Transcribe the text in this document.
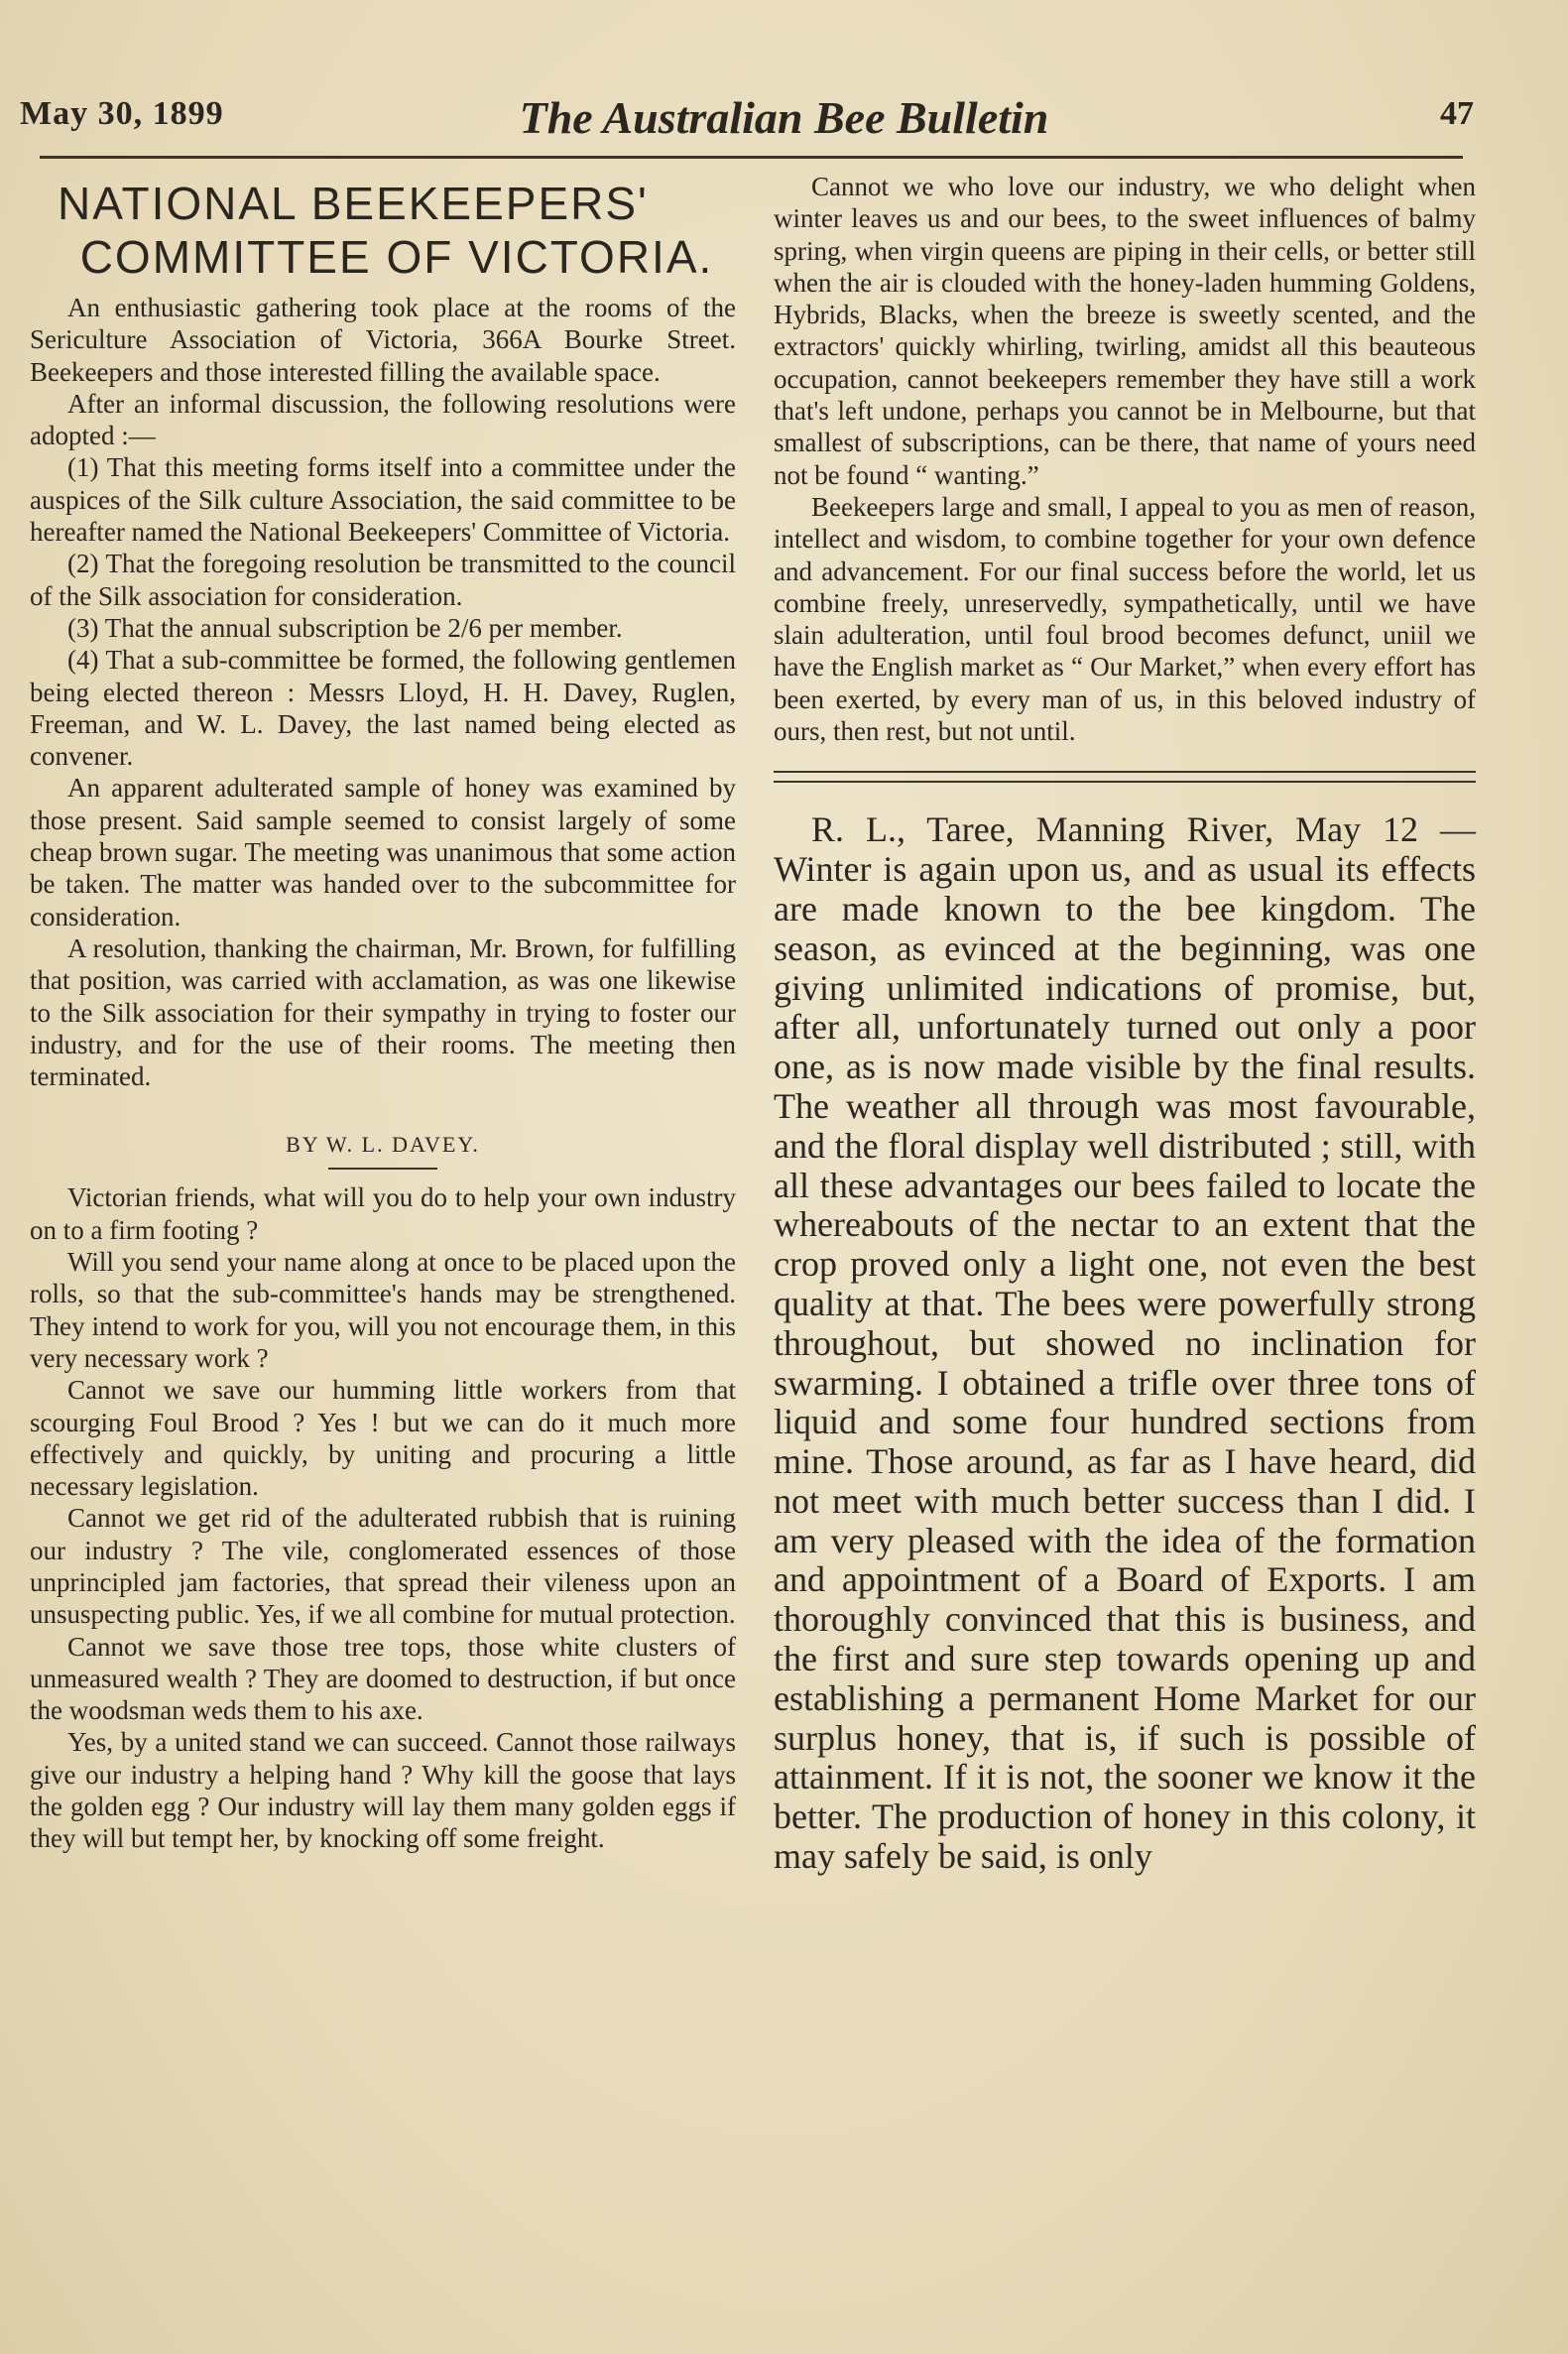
May 30, 1899	The Australian Bee Bulletin	47
NATIONAL BEEKEEPERS'
COMMITTEE OF VICTORIA.

An enthusiastic gathering took place at the rooms of the Sericulture Association of Victoria, 366A Bourke Street. Beekeepers and those interested filling the available space.

After an informal discussion, the following resolutions were adopted :—

(1) That this meeting forms itself into a committee under the auspices of the Silk culture Association, the said committee to be hereafter named the National Beekeepers' Committee of Victoria.

(2) That the foregoing resolution be transmitted to the council of the Silk association for consideration.

(3) That the annual subscription be 2/6 per member.

(4) That a sub-committee be formed, the following gentlemen being elected thereon : Messrs Lloyd, H. H. Davey, Ruglen, Freeman, and W. L. Davey, the last named being elected as convener.

An apparent adulterated sample of honey was examined by those present. Said sample seemed to consist largely of some cheap brown sugar. The meeting was unanimous that some action be taken. The matter was handed over to the subcommittee for consideration.

A resolution, thanking the chairman, Mr. Brown, for fulfilling that position, was carried with acclamation, as was one likewise to the Silk association for their sympathy in trying to foster our industry, and for the use of their rooms. The meeting then terminated.

BY W. L. DAVEY.

Victorian friends, what will you do to help your own industry on to a firm footing ?

Will you send your name along at once to be placed upon the rolls, so that the sub-committee's hands may be strengthened. They intend to work for you, will you not encourage them, in this very necessary work ?

Cannot we save our humming little workers from that scourging Foul Brood ? Yes ! but we can do it much more effectively and quickly, by uniting and procuring a little necessary legislation.

Cannot we get rid of the adulterated rubbish that is ruining our industry ? The vile, conglomerated essences of those unprincipled jam factories, that spread their vileness upon an unsuspecting public. Yes, if we all combine for mutual protection.

Cannot we save those tree tops, those white clusters of unmeasured wealth ? They are doomed to destruction, if but once the woodsman weds them to his axe.

Yes, by a united stand we can succeed. Cannot those railways give our industry a helping hand ? Why kill the goose that lays the golden egg ? Our industry will lay them many golden eggs if they will but tempt her, by knocking off some freight.

Cannot we who love our industry, we who delight when winter leaves us and our bees, to the sweet influences of balmy spring, when virgin queens are piping in their cells, or better still when the air is clouded with the honey-laden humming Goldens, Hybrids, Blacks, when the breeze is sweetly scented, and the extractors' quickly whirling, twirling, amidst all this beauteous occupation, cannot beekeepers remember they have still a work that's left undone, perhaps you cannot be in Melbourne, but that smallest of subscriptions, can be there, that name of yours need not be found “ wanting.”

Beekeepers large and small, I appeal to you as men of reason, intellect and wisdom, to combine together for your own defence and advancement. For our final success before the world, let us combine freely, unreservedly, sympathetically, until we have slain adulteration, until foul brood becomes defunct, uniil we have the English market as “ Our Market,” when every effort has been exerted, by every man of us, in this beloved industry of ours, then rest, but not until.

R. L., Taree, Manning River, May 12 —Winter is again upon us, and as usual its effects are made known to the bee kingdom. The season, as evinced at the beginning, was one giving unlimited indications of promise, but, after all, unfortunately turned out only a poor one, as is now made visible by the final results. The weather all through was most favourable, and the floral display well distributed ; still, with all these advantages our bees failed to locate the whereabouts of the nectar to an extent that the crop proved only a light one, not even the best quality at that. The bees were powerfully strong throughout, but showed no inclination for swarming. I obtained a trifle over three tons of liquid and some four hundred sections from mine. Those around, as far as I have heard, did not meet with much better success than I did. I am very pleased with the idea of the formation and appointment of a Board of Exports. I am thoroughly convinced that this is business, and the first and sure step towards opening up and establishing a permanent Home Market for our surplus honey, that is, if such is possible of attainment. If it is not, the sooner we know it the better. The production of honey in this colony, it may safely be said, is only
